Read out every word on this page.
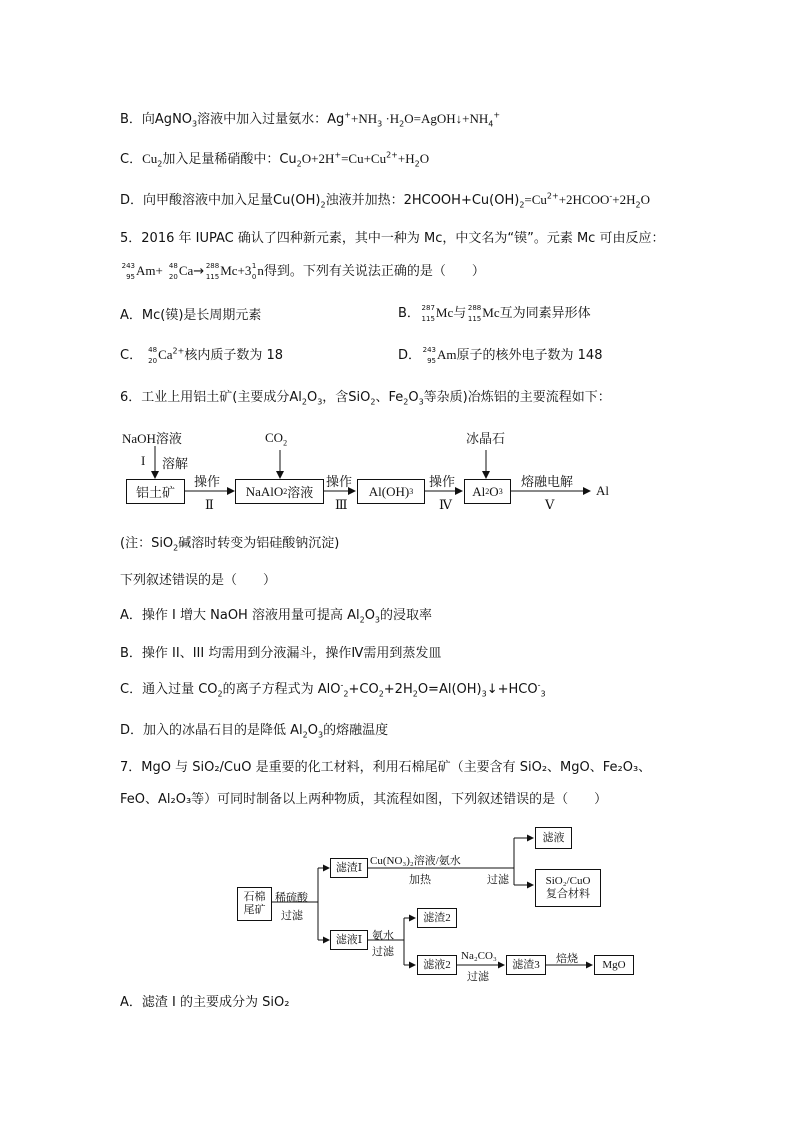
B．向AgNO$_3$溶液中加入过量氨水：$Ag^++NH_3$ $\cdot H_2O=AgOH↓+NH_4^+$
C．$Cu_2$加入足量稀硝酸中：$Cu_2O+2H^+=Cu+Cu^{2+}+H_2O$
D．向甲酸溶液中加入足量$Cu(OH)_2$浊液并加热：$2HCOOH+Cu(OH)_2=Cu^{2+}+2HCOO^-+2H_2O$
5．2016 年 IUPAC 确认了四种新元素，其中一种为 Mc，中文名为“镆”。元素 Mc 可由反应：
243
95 Am+ 48
20 Ca→ 288
115 Mc+3 1
0 n得到。下列有关说法正确的是（　　）
A．Mc(镆)是长周期元素	B． 287
115 Mc与 288
115 Mc互为同素异形体
C． 48
20 $Ca^{2+}$核内质子数为 18	D． 243
95 Am原子的核外电子数为 148
6．工业上用铝土矿(主要成分$Al_2O_3$，含SiO$_2$、$Fe_2O_3$等杂质)冶炼铝的主要流程如下：
NaOH溶液
I 溶解
$CO_2$	冰晶石
铝土矿
操作
Ⅱ
NaAlO 2 溶液
操作
Ⅲ
Al(OH) 3
操作
Ⅳ
Al 2 O 3
熔融电解
Ⅴ
Al
(注：SiO$_2$碱溶时转变为铝硅酸钠沉淀)
下列叙述错误的是（　　）
A．操作 I 增大 NaOH 溶液用量可提高 $Al_2O_3$的浸取率
B．操作 II、III 均需用到分液漏斗，操作Ⅳ需用到蒸发皿
C．通入过量 $CO_2$的离子方程式为 $AlO^-_2+CO_2+2H_2O=Al(OH)_3↓+HCO^-_3$
D．加入的冰晶石目的是降低 $Al_2O_3$的熔融温度
7．MgO 与 SiO₂/CuO 是重要的化工材料，利用石棉尾矿（主要含有 SiO₂、MgO、Fe₂O₃、
FeO、Al₂O₃等）可同时制备以上两种物质，其流程如图，下列叙述错误的是（　　）
石棉
尾矿
稀硫酸
过滤
滤渣Ⅰ
Cu(NO₃)₂溶液/氨水
加热	过滤
滤液
SiO₂/CuO
复合材料
滤液Ⅰ 氨水
过滤
滤渣2
滤液2
Na₂CO₃
过滤
滤渣3	焙烧	MgO
A．滤渣 I 的主要成分为 SiO₂
